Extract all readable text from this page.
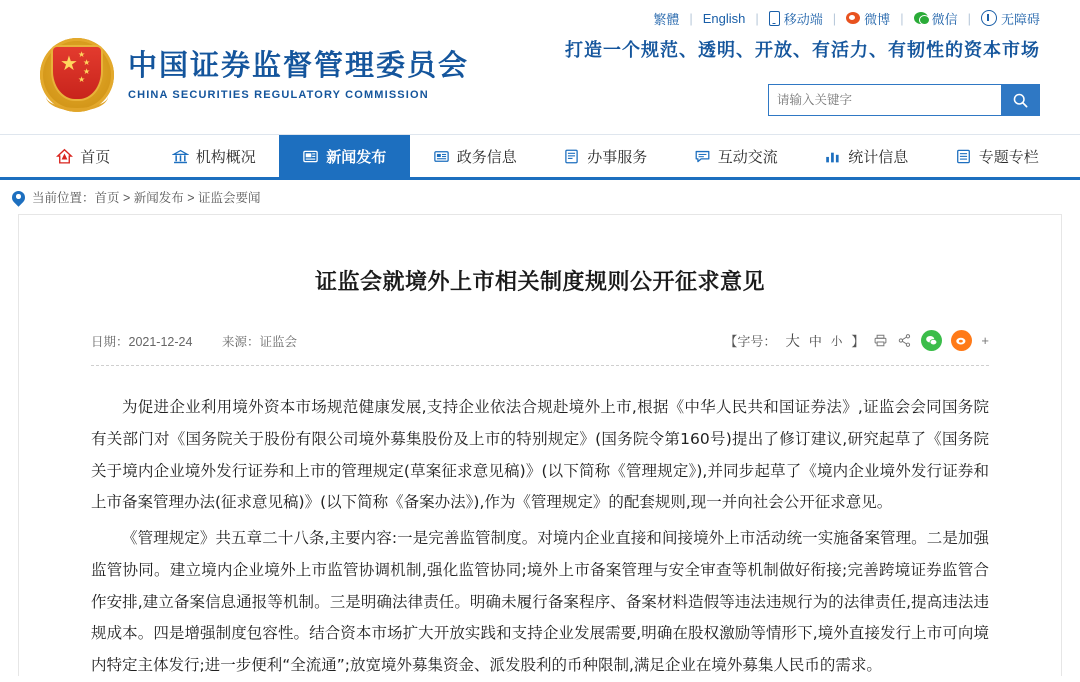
繁體 | English | 移动端 | 微博 | 微信 | 无障碍
★ ★
★
★
★ 中国证券监督管理委员会
CHINA SECURITIES REGULATORY COMMISSION
打造一个规范、透明、开放、有活力、有韧性的资本市场
请输入关键字
首页	机构概况	新闻发布	政务信息	办事服务	互动交流	统计信息	专题专栏
当前位置： 首页 > 新闻发布 > 证监会要闻
证监会就境外上市相关制度规则公开征求意见
日期：2021-12-24 来源：证监会	【字号： 大 中 小 】	+

为促进企业利用境外资本市场规范健康发展,支持企业依法合规赴境外上市,根据《中华人民共和国证券法》,证监会会同国务院有关部门对《国务院关于股份有限公司境外募集股份及上市的特别规定》(国务院令第160号)提出了修订建议,研究起草了《国务院关于境内企业境外发行证券和上市的管理规定(草案征求意见稿)》(以下简称《管理规定》),并同步起草了《境内企业境外发行证券和上市备案管理办法(征求意见稿)》(以下简称《备案办法》),作为《管理规定》的配套规则,现一并向社会公开征求意见。

《管理规定》共五章二十八条,主要内容:一是完善监管制度。对境内企业直接和间接境外上市活动统一实施备案管理。二是加强监管协同。建立境内企业境外上市监管协调机制,强化监管协同;境外上市备案管理与安全审查等机制做好衔接;完善跨境证券监管合作安排,建立备案信息通报等机制。三是明确法律责任。明确未履行备案程序、备案材料造假等违法违规行为的法律责任,提高违法违规成本。四是增强制度包容性。结合资本市场扩大开放实践和支持企业发展需要,明确在股权激励等情形下,境外直接发行上市可向境内特定主体发行;进一步便利“全流通”;放宽境外募集资金、派发股利的币种限制,满足企业在境外募集人民币的需求。
